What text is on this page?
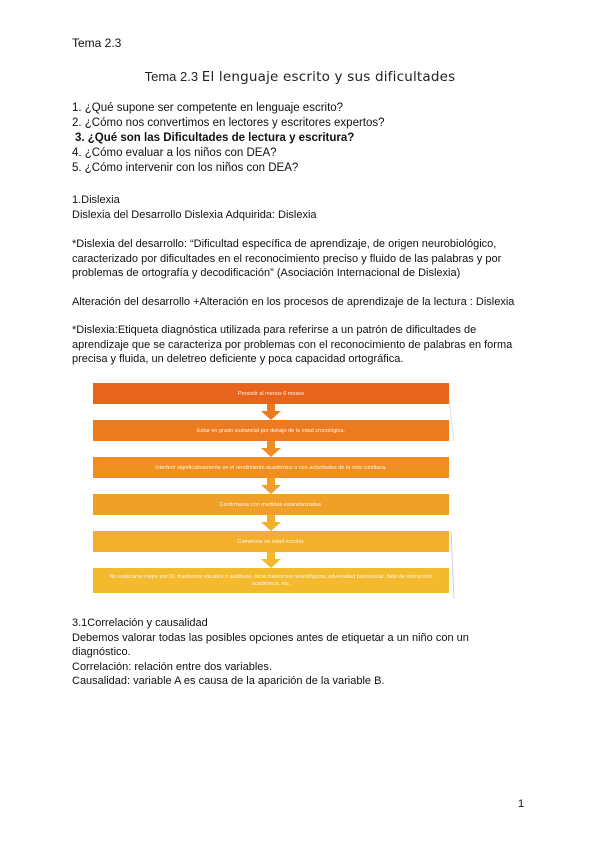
Tema 2.3
Tema 2.3 El lenguaje escrito y sus dificultades
1. ¿Qué supone ser competente en lenguaje escrito?
2. ¿Cómo nos convertimos en lectores y escritores expertos?
3. ¿Qué son las Dificultades de lectura y escritura?
4. ¿Cómo evaluar a los niños con DEA?
5. ¿Cómo intervenir con los niños con DEA?
1.Dislexia
Dislexia del Desarrollo Dislexia Adquirida: Dislexia
*Dislexia del desarrollo: “Dificultad específica de aprendizaje, de origen neurobiológico, caracterizado por dificultades en el reconocimiento preciso y fluido de las palabras y por problemas de ortografía y decodificación” (Asociación Internacional de Dislexia)
Alteración del desarrollo +Alteración en los procesos de aprendizaje de la lectura : Dislexia
*Dislexia:Etiqueta diagnóstica utilizada para referirse a un patrón de dificultades de aprendizaje que se caracteriza por problemas con el reconocimiento de palabras en forma precisa y fluida, un deletreo deficiente y poca capacidad ortográfica.
Persistir al menos 6 meses
Estar en grado sustancial por debajo de la edad cronológica.
Interferir significativamente en el rendimiento académico o con actividades de la vida cotidiana.
Confirmarse con medidas estandarizadas.
Comenzar en edad escolar.
No explicarse mejor por DI, trastornos visuales o auditivos, otros trastornos neurológicos, adversidad psicosocial, falta de instrucción académica, etc.
3.1Correlación y causalidad
Debemos valorar todas las posibles opciones antes de etiquetar a un niño con un diagnóstico.
Correlación: relación entre dos variables.
Causalidad: variable A es causa de la aparición de la variable B.
1
